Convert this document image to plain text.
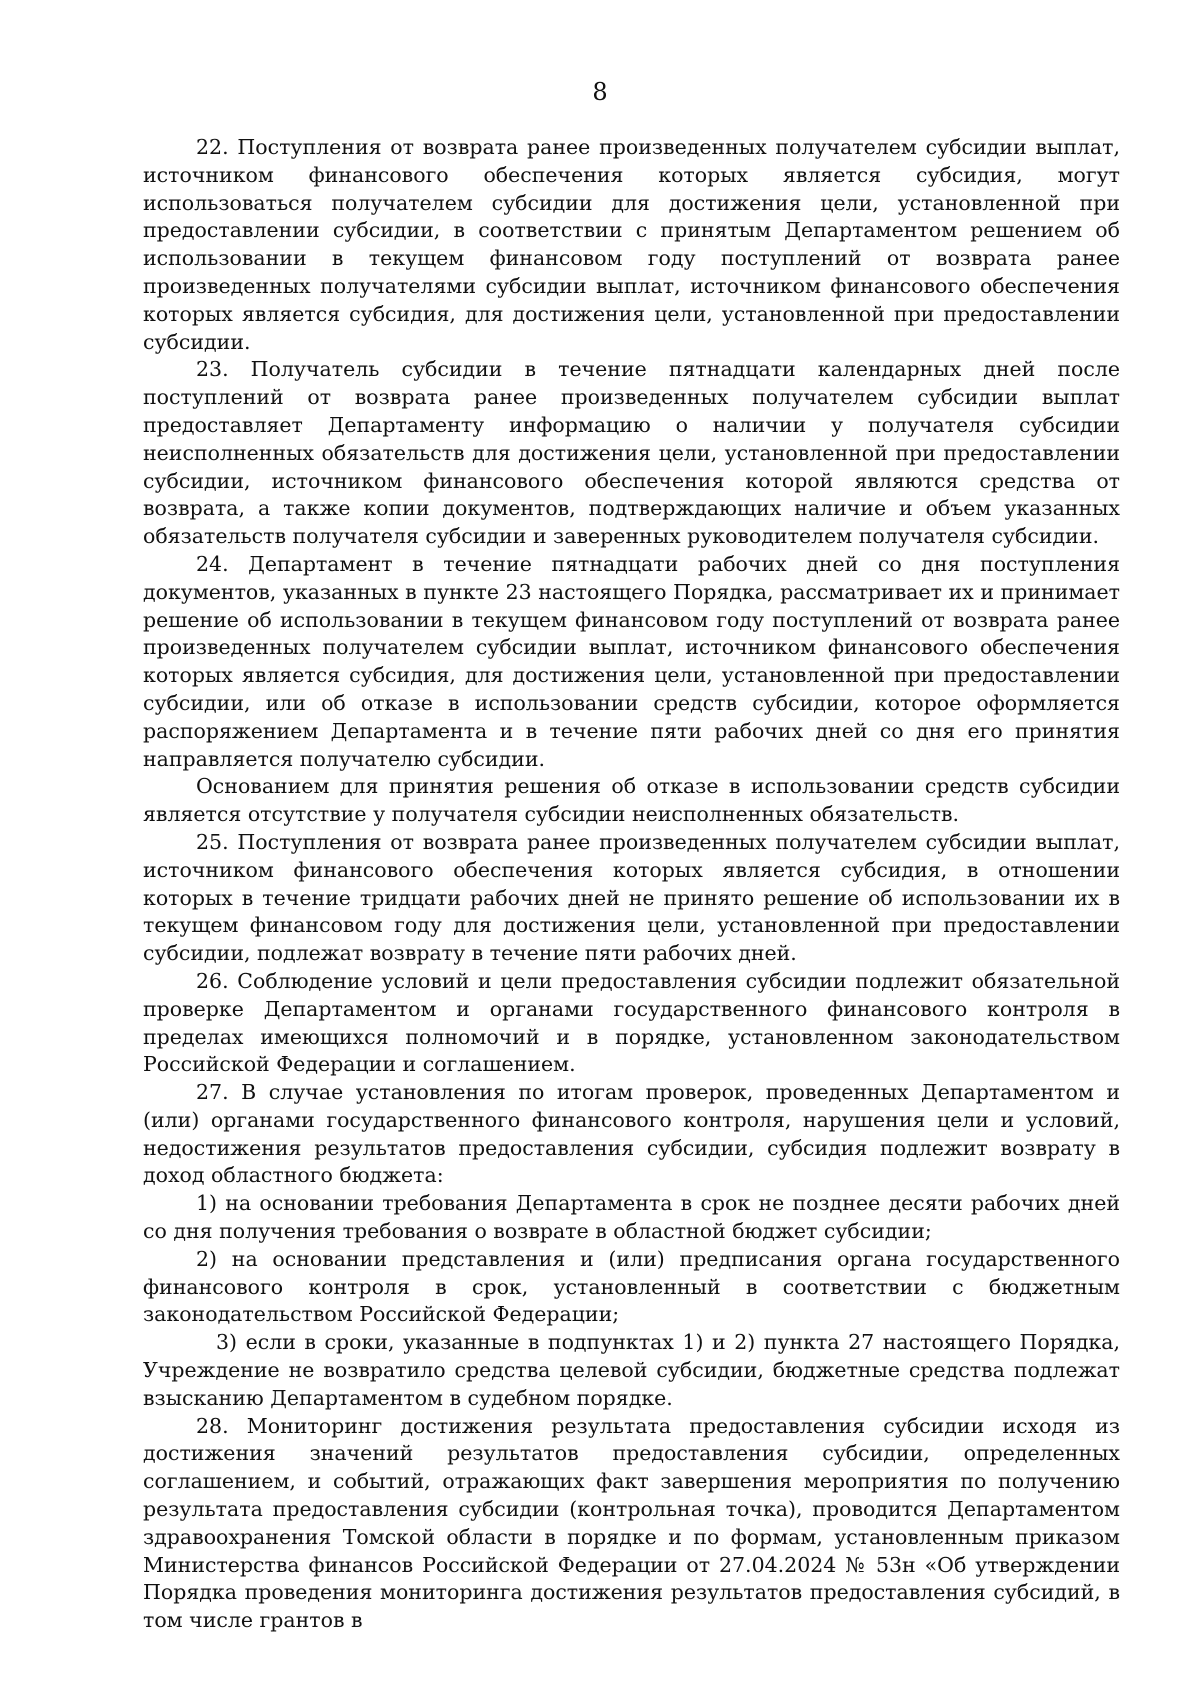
8

22. Поступления от возврата ранее произведенных получателем субсидии выплат, источником финансового обеспечения которых является субсидия, могут использоваться получателем субсидии для достижения цели, установленной при предоставлении субсидии, в соответствии с принятым Департаментом решением об использовании в текущем финансовом году поступлений от возврата ранее произведенных получателями субсидии выплат, источником финансового обеспечения которых является субсидия, для достижения цели, установленной при предоставлении субсидии.

23. Получатель субсидии в течение пятнадцати календарных дней после поступлений от возврата ранее произведенных получателем субсидии выплат предоставляет Департаменту информацию о наличии у получателя субсидии неисполненных обязательств для достижения цели, установленной при предоставлении субсидии, источником финансового обеспечения которой являются средства от возврата, а также копии документов, подтверждающих наличие и объем указанных обязательств получателя субсидии и заверенных руководителем получателя субсидии.

24. Департамент в течение пятнадцати рабочих дней со дня поступления документов, указанных в пункте 23 настоящего Порядка, рассматривает их и принимает решение об использовании в текущем финансовом году поступлений от возврата ранее произведенных получателем субсидии выплат, источником финансового обеспечения которых является субсидия, для достижения цели, установленной при предоставлении субсидии, или об отказе в использовании средств субсидии, которое оформляется распоряжением Департамента и в течение пяти рабочих дней со дня его принятия направляется получателю субсидии.

Основанием для принятия решения об отказе в использовании средств субсидии является отсутствие у получателя субсидии неисполненных обязательств.

25. Поступления от возврата ранее произведенных получателем субсидии выплат, источником финансового обеспечения которых является субсидия, в отношении которых в течение тридцати рабочих дней не принято решение об использовании их в текущем финансовом году для достижения цели, установленной при предоставлении субсидии, подлежат возврату в течение пяти рабочих дней.

26. Соблюдение условий и цели предоставления субсидии подлежит обязательной проверке Департаментом и органами государственного финансового контроля в пределах имеющихся полномочий и в порядке, установленном законодательством Российской Федерации и соглашением.

27. В случае установления по итогам проверок, проведенных Департаментом и (или) органами государственного финансового контроля, нарушения цели и условий, недостижения результатов предоставления субсидии, субсидия подлежит возврату в доход областного бюджета:

1) на основании требования Департамента в срок не позднее десяти рабочих дней со дня получения требования о возврате в областной бюджет субсидии;

2) на основании представления и (или) предписания органа государственного финансового контроля в срок, установленный в соответствии с бюджетным законодательством Российской Федерации;

3) если в сроки, указанные в подпунктах 1) и 2) пункта 27 настоящего Порядка, Учреждение не возвратило средства целевой субсидии, бюджетные средства подлежат взысканию Департаментом в судебном порядке.

28. Мониторинг достижения результата предоставления субсидии исходя из достижения значений результатов предоставления субсидии, определенных соглашением, и событий, отражающих факт завершения мероприятия по получению результата предоставления субсидии (контрольная точка), проводится Департаментом здравоохранения Томской области в порядке и по формам, установленным приказом Министерства финансов Российской Федерации от 27.04.2024 № 53н «Об утверждении Порядка проведения мониторинга достижения результатов предоставления субсидий, в том числе грантов в
